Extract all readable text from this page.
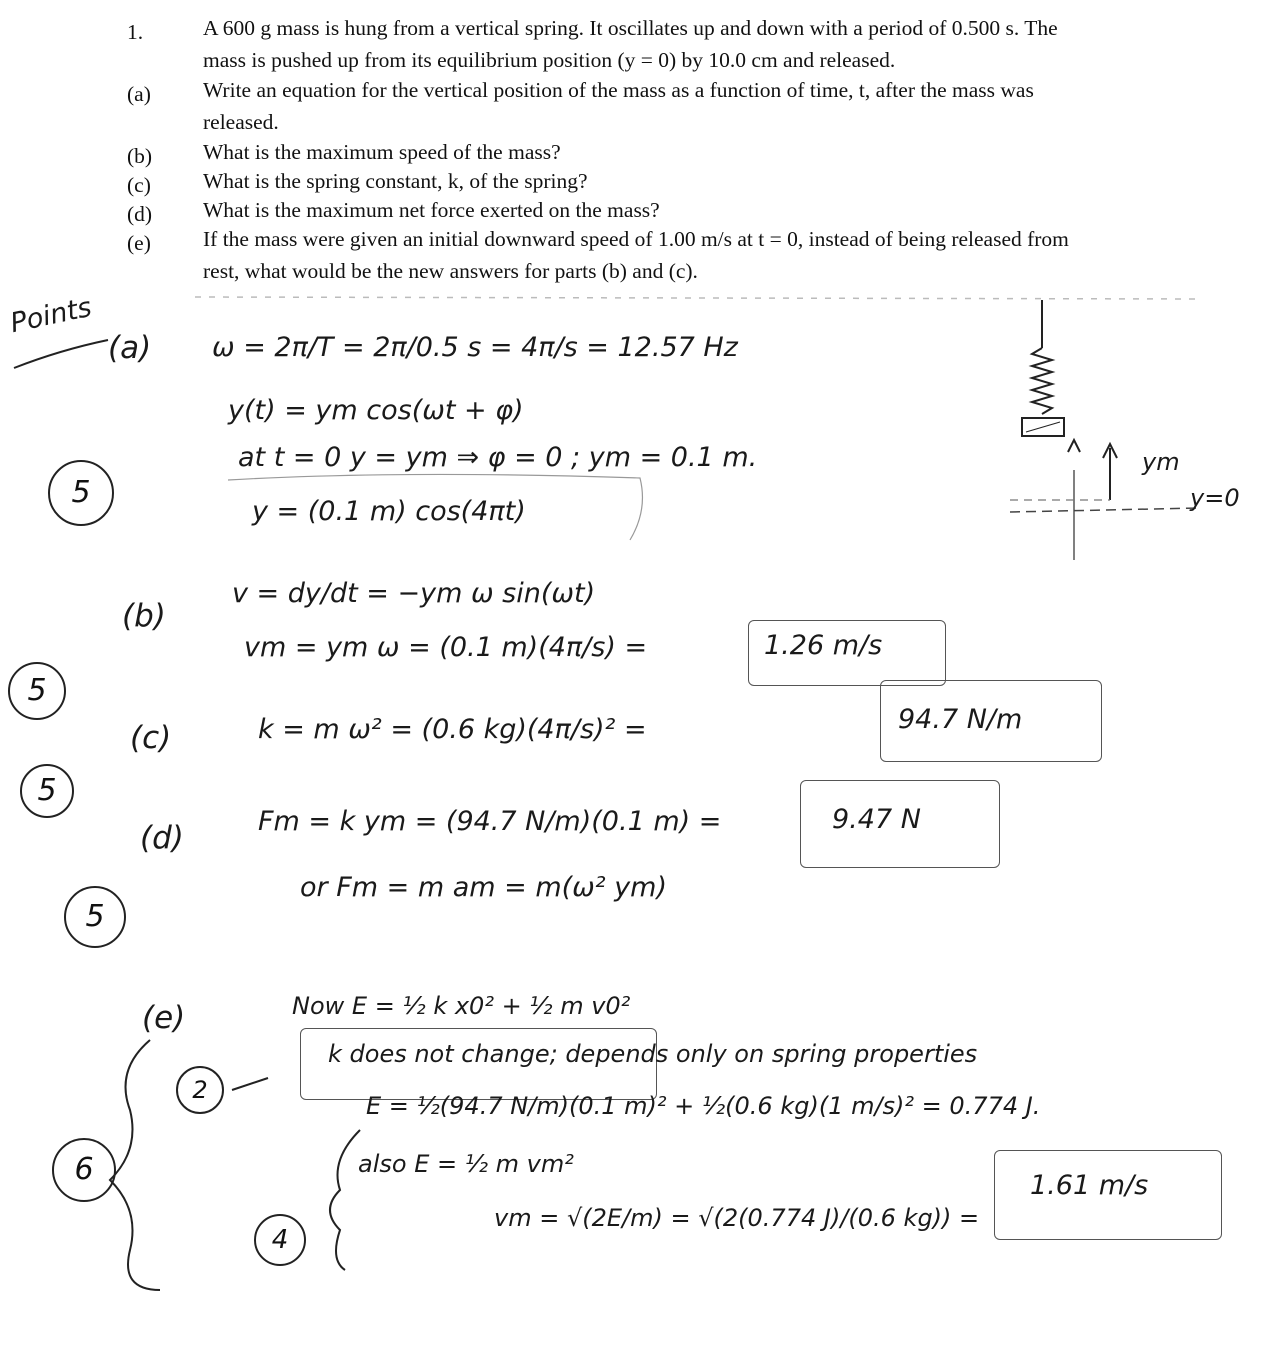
1.	A 600 g mass is hung from a vertical spring. It oscillates up and down with a period of 0.500 s. The
mass is pushed up from its equilibrium position (y = 0) by 10.0 cm and released.
(a) Write an equation for the vertical position of the mass as a function of time, t, after the mass was
released.
(b) What is the maximum speed of the mass?
(c) What is the spring constant, k, of the spring?
(d) What is the maximum net force exerted on the mass?
(e) If the mass were given an initial downward speed of 1.00 m/s at t = 0, instead of being released from
rest, what would be the new answers for parts (b) and (c).
Points
(a) ω = 2π/T = 2π/0.5 s = 4π/s = 12.57 Hz
y(t) = ym cos(ωt + φ)
at t = 0 y = ym ⇒ φ = 0 ; ym = 0.1 m.
y = (0.1 m) cos(4πt)
5
(b)
v = dy/dt = −ym ω sin(ωt)
vm = ym ω = (0.1 m)(4π/s) =	1.26 m/s
5
(c)	k = m ω² = (0.6 kg)(4π/s)² =	94.7 N/m
5
(d)	Fm = k ym = (94.7 N/m)(0.1 m) =	9.47 N
or Fm = m am = m(ω² ym)
5
(e)	Now E = ½ k x0² + ½ m v0²
k does not change; depends only on spring properties
E = ½(94.7 N/m)(0.1 m)² + ½(0.6 kg)(1 m/s)² = 0.774 J.
also E = ½ m vm²
vm = √(2E/m) = √(2(0.774 J)/(0.6 kg)) =
1.61 m/s
6
2
4
ym
y=0
